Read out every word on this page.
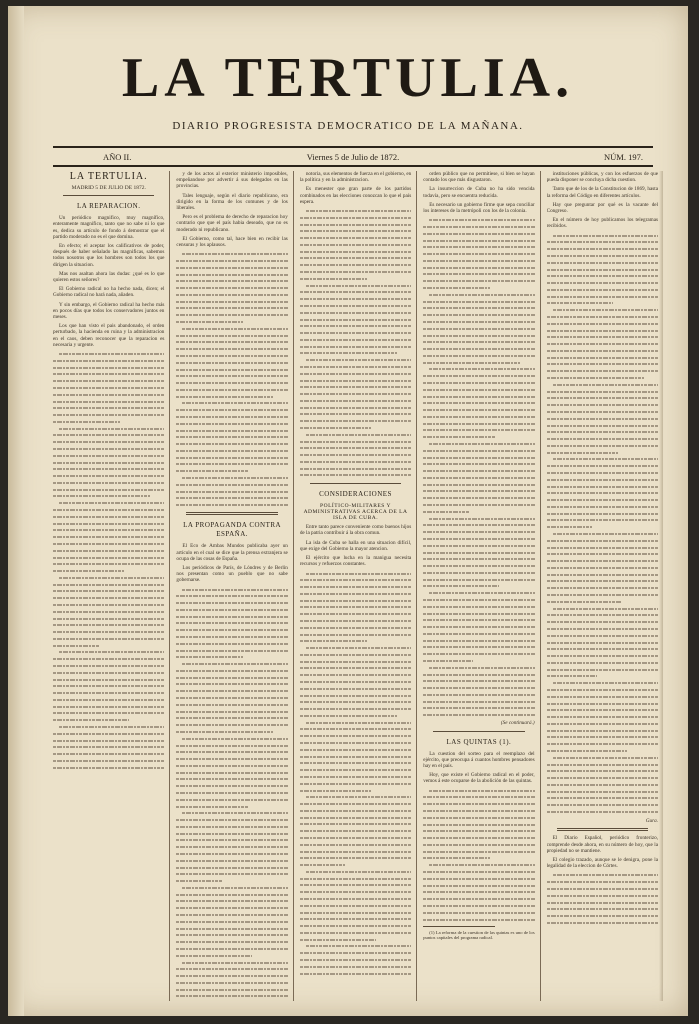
LA TERTULIA.
DIARIO PROGRESISTA DEMOCRATICO DE LA MAÑANA.
AÑO II.	Viernes 5 de Julio de 1872.	NÚM. 197.
LA TERTULIA.
MADRID 5 DE JULIO DE 1872.
LA REPARACION.

Un periódico magnifico, muy magnífico, enteramente magnífico, tanto que no sabe ni lo que es, dedica su artículo de fondo á demostrar que el partido moderado no es el que domina.

En efecto; el aceptar los calificativos de poder, después de haber señalado las magnificas, sabemos todos nosotros que los hombres son todos los que dirigen la situacion.

Mas nos asaltan ahora las dudas: ¿qué es lo que quieren estos señores?

El Gobierno radical no ha hecho nada, dicen; el Gobierno radical no hará nada, añaden.

Y sin embargo, el Gobierno radical ha hecho más en pocos días que todos los conservadores juntos en meses.

Los que han visto el pais abandonado, el orden perturbado, la hacienda en ruina y la administracion en el caos, deben reconocer que la reparacion es necesaria y urgente.

y de los actos al exterior ministerio imposibles, empeñandose por advertir á sus delegados en las provincias.

Tales lenguaje, según el diario republicano, era dirigido en la forma de los comunes y de los liberales.

Pero es el problema de derecho de reparacion hoy contrario que que el país habia deseado, que no es moderado ni republicano.

El Gobierno, como tal, hace bien en recibir las censuras y los aplausos.

LA PROPAGANDA CONTRA ESPAÑA.

El Eco de Ambas Mundos publicaba ayer un artículo en el cual se dice que la prensa extranjera se ocupa de las cosas de España.

Los periódicos de París, de Lóndres y de Berlin nos presentan como un pueblo que no sabe gobernarse.

notoria, sus elementos de fuerza en el gobierno, en la política y en la administracion.

Es menester que gran parte de los partidos combinados en las elecciones conozcan lo que el país espera.

CONSIDERACIONES
POLÍTICO-MILITARES Y ADMINISTRATIVAS ACERCA DE LA ISLA DE CUBA.

Entre tanto parece conveniente como buenos hijos de la patria contribuir á la obra comun.

La isla de Cuba se halla en una situacion difícil, que exige del Gobierno la mayor atencion.

El ejército que lucha en la manigua necesita recursos y refuerzos constantes.

orden público que no permitiese, si bien se hayan contado los que más disgustaron.

La insurreccion de Cuba no ha sido vencida todavía, pero se encuentra reducida.

Es necesario un gobierno firme que sepa conciliar los intereses de la metrópoli con los de la colonia.

(Se continuará.)
LAS QUINTAS (1).

La cuestion del sorteo para el reemplazo del ejército, que preocupa á cuantos hombres pensadores hay en el país.

Hoy, que existe el Gobierno radical en el poder, vemos á este ocuparse de la abolición de las quintas.

(1) La reforma de la cuestion de las quintas es uno de los puntos capitales del programa radical.

instituciones públicas, y con los esfuerzos de que pueda disponer se concluya dicha cuestion.

Tanto que de los de la Constitucion de 1869, hasta la reforma del Código en diferentes artículos.

Hay que preguntar por qué es la vacante del Congreso.

En el número de hoy publicamos los telegramas recibidos.

Gura.

El Diario Español, periódico fronterizo, comprende desde ahora, en su número de hoy, que la propiedad no se mantiene.

El colegio trazado, aunque se le denigra, pone la legalidad de la eleccion de Córtes.
